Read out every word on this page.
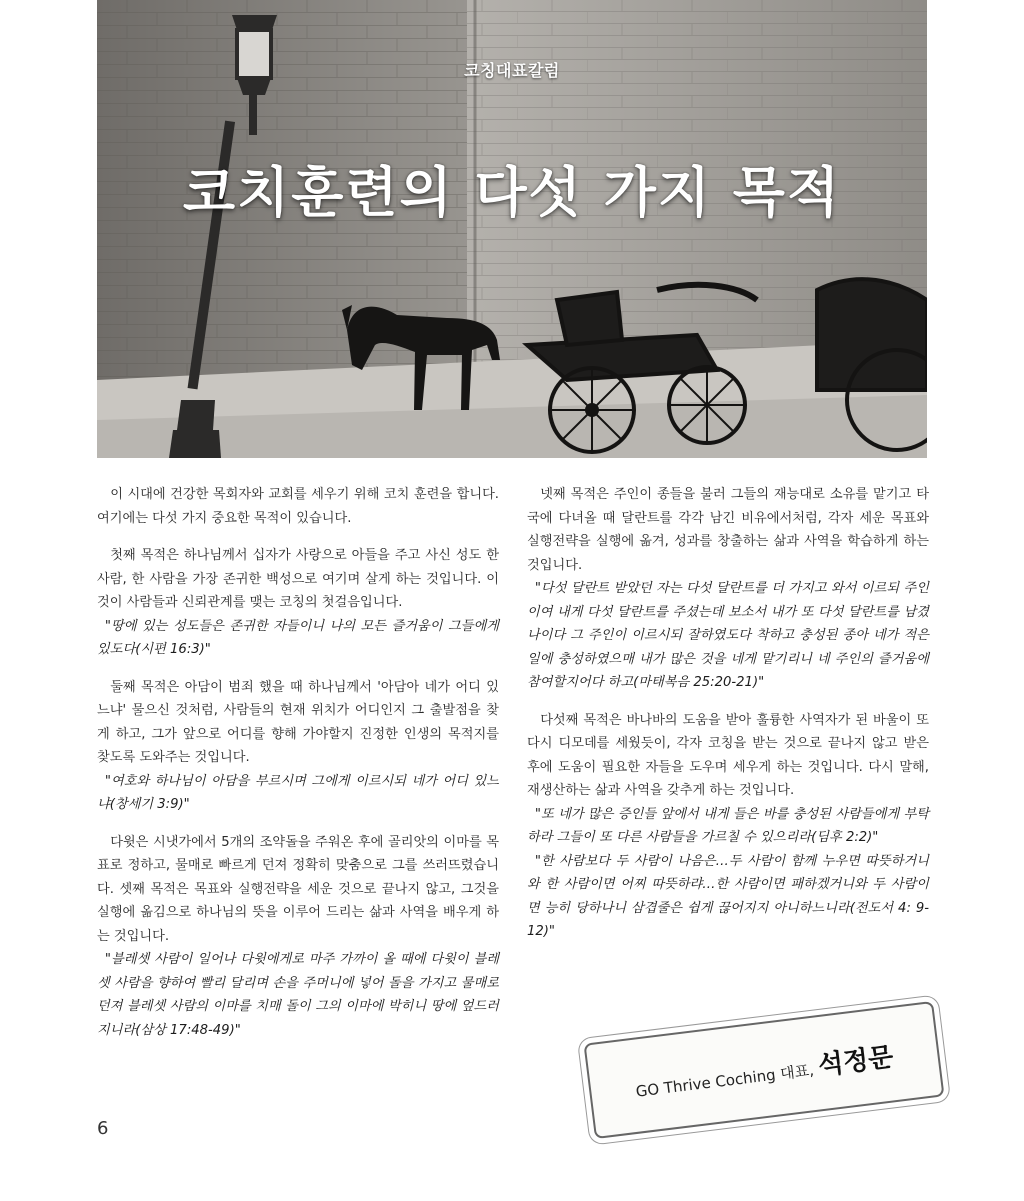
코칭대표칼럼
코치훈련의 다섯 가지 목적

이 시대에 건강한 목회자와 교회를 세우기 위해 코치 훈련을 합니다. 여기에는 다섯 가지 중요한 목적이 있습니다.

첫째 목적은 하나님께서 십자가 사랑으로 아들을 주고 사신 성도 한 사람, 한 사람을 가장 존귀한 백성으로 여기며 살게 하는 것입니다. 이것이 사람들과 신뢰관계를 맺는 코칭의 첫걸음입니다.

"땅에 있는 성도들은 존귀한 자들이니 나의 모든 즐거움이 그들에게 있도다(시편 16:3)"

둘째 목적은 아담이 범죄 했을 때 하나님께서 '아담아 네가 어디 있느냐' 물으신 것처럼, 사람들의 현재 위치가 어디인지 그 출발점을 찾게 하고, 그가 앞으로 어디를 향해 가야할지 진정한 인생의 목적지를 찾도록 도와주는 것입니다.

"여호와 하나님이 아담을 부르시며 그에게 이르시되 네가 어디 있느냐(창세기 3:9)"

다윗은 시냇가에서 5개의 조약돌을 주워온 후에 골리앗의 이마를 목표로 정하고, 물매로 빠르게 던져 정확히 맞춤으로 그를 쓰러뜨렸습니다. 셋째 목적은 목표와 실행전략을 세운 것으로 끝나지 않고, 그것을 실행에 옮김으로 하나님의 뜻을 이루어 드리는 삶과 사역을 배우게 하는 것입니다.

"블레셋 사람이 일어나 다윗에게로 마주 가까이 올 때에 다윗이 블레셋 사람을 향하여 빨리 달리며 손을 주머니에 넣어 돌을 가지고 물매로 던져 블레셋 사람의 이마를 치매 돌이 그의 이마에 박히니 땅에 엎드러지니라(삼상 17:48-49)"

넷째 목적은 주인이 종들을 불러 그들의 재능대로 소유를 맡기고 타국에 다녀올 때 달란트를 각각 남긴 비유에서처럼, 각자 세운 목표와 실행전략을 실행에 옮겨, 성과를 창출하는 삶과 사역을 학습하게 하는 것입니다.

"다섯 달란트 받았던 자는 다섯 달란트를 더 가지고 와서 이르되 주인이여 내게 다섯 달란트를 주셨는데 보소서 내가 또 다섯 달란트를 남겼나이다 그 주인이 이르시되 잘하였도다 착하고 충성된 종아 네가 적은 일에 충성하였으매 내가 많은 것을 네게 맡기리니 네 주인의 즐거움에 참여할지어다 하고(마태복음 25:20-21)"

다섯째 목적은 바나바의 도움을 받아 훌륭한 사역자가 된 바울이 또다시 디모데를 세웠듯이, 각자 코칭을 받는 것으로 끝나지 않고 받은 후에 도움이 필요한 자들을 도우며 세우게 하는 것입니다. 다시 말해, 재생산하는 삶과 사역을 갖추게 하는 것입니다.

"또 네가 많은 증인들 앞에서 내게 들은 바를 충성된 사람들에게 부탁하라 그들이 또 다른 사람들을 가르칠 수 있으리라(딤후 2:2)"

"한 사람보다 두 사람이 나음은…두 사람이 함께 누우면 따뜻하거니와 한 사람이면 어찌 따뜻하랴…한 사람이면 패하겠거니와 두 사람이면 능히 당하나니 삼겹줄은 쉽게 끊어지지 아니하느니라(전도서 4: 9-12)"

GO Thrive Coching 대표, 석정문
6
